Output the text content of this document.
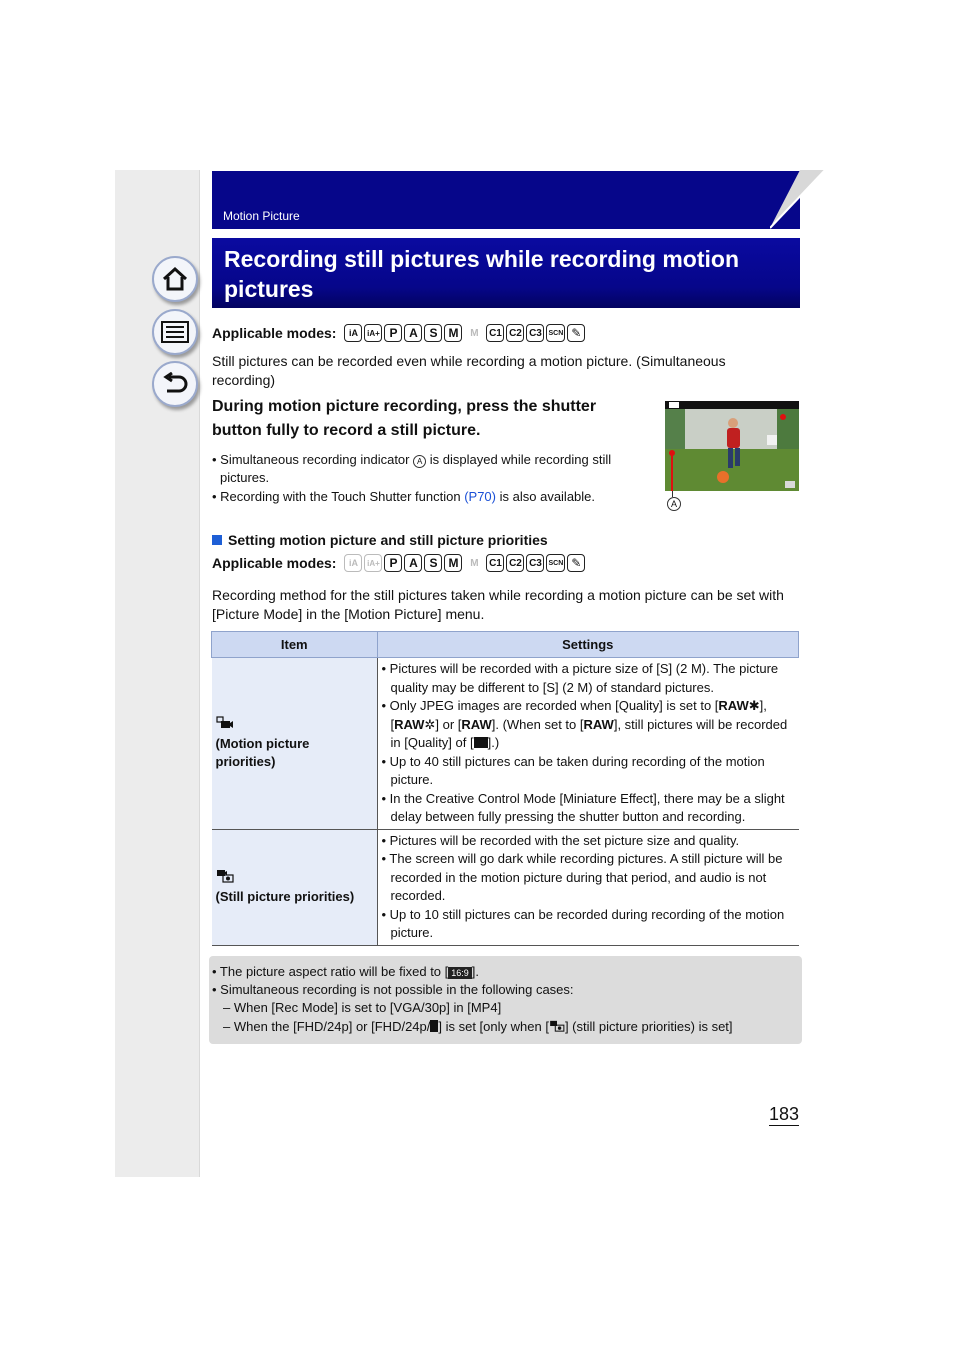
Motion Picture
Recording still pictures while recording motion pictures
Applicable modes:	iA	iA+ P A S M	M	C1 C2 C3 SCN ✎
Still pictures can be recorded even while recording a motion picture. (Simultaneous recording)
During motion picture recording, press the shutter button fully to record a still picture.
• Simultaneous recording indicator A is displayed while recording still pictures.
• Recording with the Touch Shutter function (P70) is also available.	A
Setting motion picture and still picture priorities
Applicable modes:	iA	iA+ P A S M	M	C1 C2 C3 SCN ✎
Recording method for the still pictures taken while recording a motion picture can be set with [Picture Mode] in the [Motion Picture] menu.
Item	Settings

(Motion picture priorities)	• Pictures will be recorded with a picture size of [S] (2 M). The picture quality may be different to [S] (2 M) of standard pictures.
• Only JPEG images are recorded when [Quality] is set to [RAW✱], [RAW✲] or [RAW]. (When set to [RAW], still pictures will be recorded in [Quality] of [ ].)
• Up to 40 still pictures can be taken during recording of the motion picture.
• In the Creative Control Mode [Miniature Effect], there may be a slight delay between fully pressing the shutter button and recording.

(Still picture priorities)	• Pictures will be recorded with the set picture size and quality.
• The screen will go dark while recording pictures. A still picture will be recorded in the motion picture during that period, and audio is not recorded.
• Up to 10 still pictures can be recorded during recording of the motion picture.
• The picture aspect ratio will be fixed to [ 16:9 ].
• Simultaneous recording is not possible in the following cases:
– When [Rec Mode] is set to [VGA/30p] in [MP4]
– When the [FHD/24p] or [FHD/24p/ ] is set [only when [ ] (still picture priorities) is set]
183
